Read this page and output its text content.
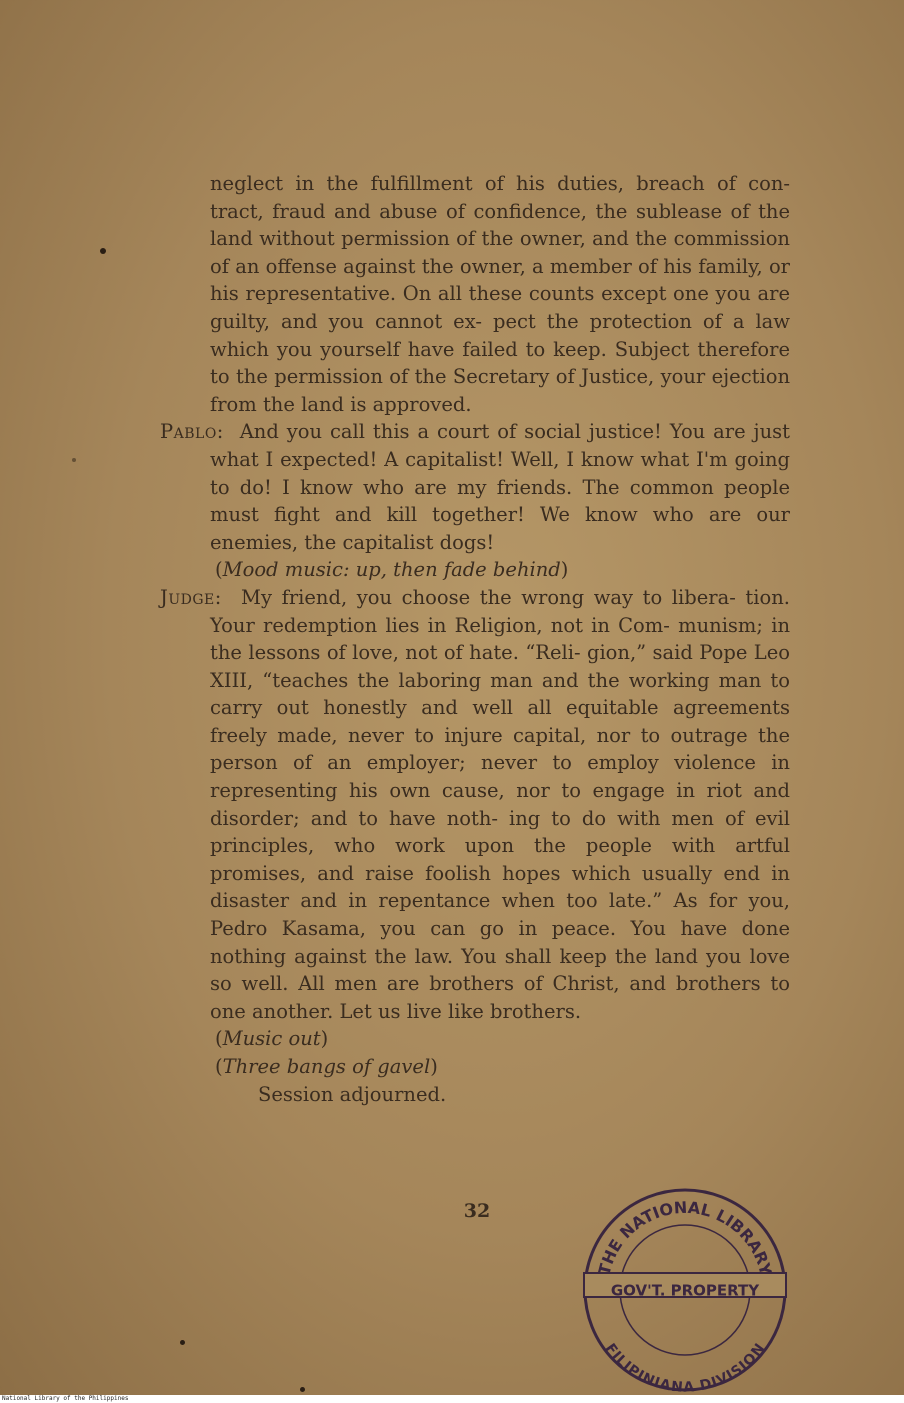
neglect in the fulfillment of his duties, breach of con- tract, fraud and abuse of confidence, the sublease of the land without permission of the owner, and the commission of an offense against the owner, a member of his family, or his representative. On all these counts except one you are guilty, and you cannot ex- pect the protection of a law which you yourself have failed to keep. Subject therefore to the permission of the Secretary of Justice, your ejection from the land is approved.

Pablo: And you call this a court of social justice! You are just what I expected! A capitalist! Well, I know what I'm going to do! I know who are my friends. The common people must fight and kill together! We know who are our enemies, the capitalist dogs!

(Mood music: up, then fade behind)

Judge: My friend, you choose the wrong way to libera- tion. Your redemption lies in Religion, not in Com- munism; in the lessons of love, not of hate. “Reli- gion,” said Pope Leo XIII, “teaches the laboring man and the working man to carry out honestly and well all equitable agreements freely made, never to injure capital, nor to outrage the person of an employer; never to employ violence in representing his own cause, nor to engage in riot and disorder; and to have noth- ing to do with men of evil principles, who work upon the people with artful promises, and raise foolish hopes which usually end in disaster and in repentance when too late.” As for you, Pedro Kasama, you can go in peace. You have done nothing against the law. You shall keep the land you love so well. All men are brothers of Christ, and brothers to one another. Let us live like brothers.

(Music out)

(Three bangs of gavel)

Session adjourned.

32
THE NATIONAL LIBRARY
GOV'T. PROPERTY
FILIPINIANA DIVISION
National Library of the Philippines
